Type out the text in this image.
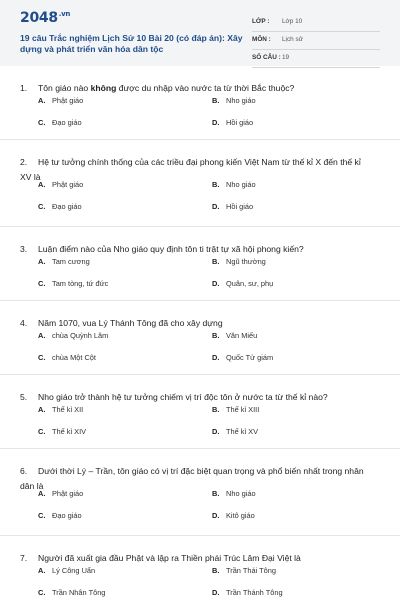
$2048^{.vn}$
19 câu Trắc nghiệm Lịch Sử 10 Bài 20 (có đáp án): Xây dựng và phát triển văn hóa dân tộc
LỚP : Lớp 10
MÔN : Lịch sử
SỐ CÂU : 19
1. Tôn giáo nào không được du nhập vào nước ta từ thời Bắc thuộc?
A. Phật giáo	B. Nho giáo
C. Đạo giáo	D. Hồi giáo
2. Hệ tư tưởng chính thống của các triều đại phong kiến Việt Nam từ thế kỉ X đến thế kỉ XV là
A. Phật giáo	B. Nho giáo
C. Đạo giáo	D. Hồi giáo
3. Luận điểm nào của Nho giáo quy định tôn ti trật tự xã hội phong kiến?
A. Tam cương	B. Ngũ thường
C. Tam tòng, tứ đức	D. Quân, sư, phụ
4. Năm 1070, vua Lý Thánh Tông đã cho xây dựng
A. chùa Quỳnh Lâm	B. Văn Miếu
C. chùa Một Cột	D. Quốc Tử giám
5. Nho giáo trở thành hệ tư tưởng chiếm vị trí độc tôn ở nước ta từ thế kỉ nào?
A. Thế kỉ XII	B. Thế kỉ XIII
C. Thế kỉ XIV	D. Thế kỉ XV
6. Dưới thời Lý – Trần, tôn giáo có vị trí đặc biệt quan trọng và phổ biến nhất trong nhân dân là
A. Phật giáo	B. Nho giáo
C. Đạo giáo	D. Kitô giáo
7. Người đã xuất gia đầu Phật và lập ra Thiền phái Trúc Lâm Đại Việt là
A. Lý Công Uẩn	B. Trần Thái Tông
C. Trần Nhân Tông	D. Trần Thánh Tông
